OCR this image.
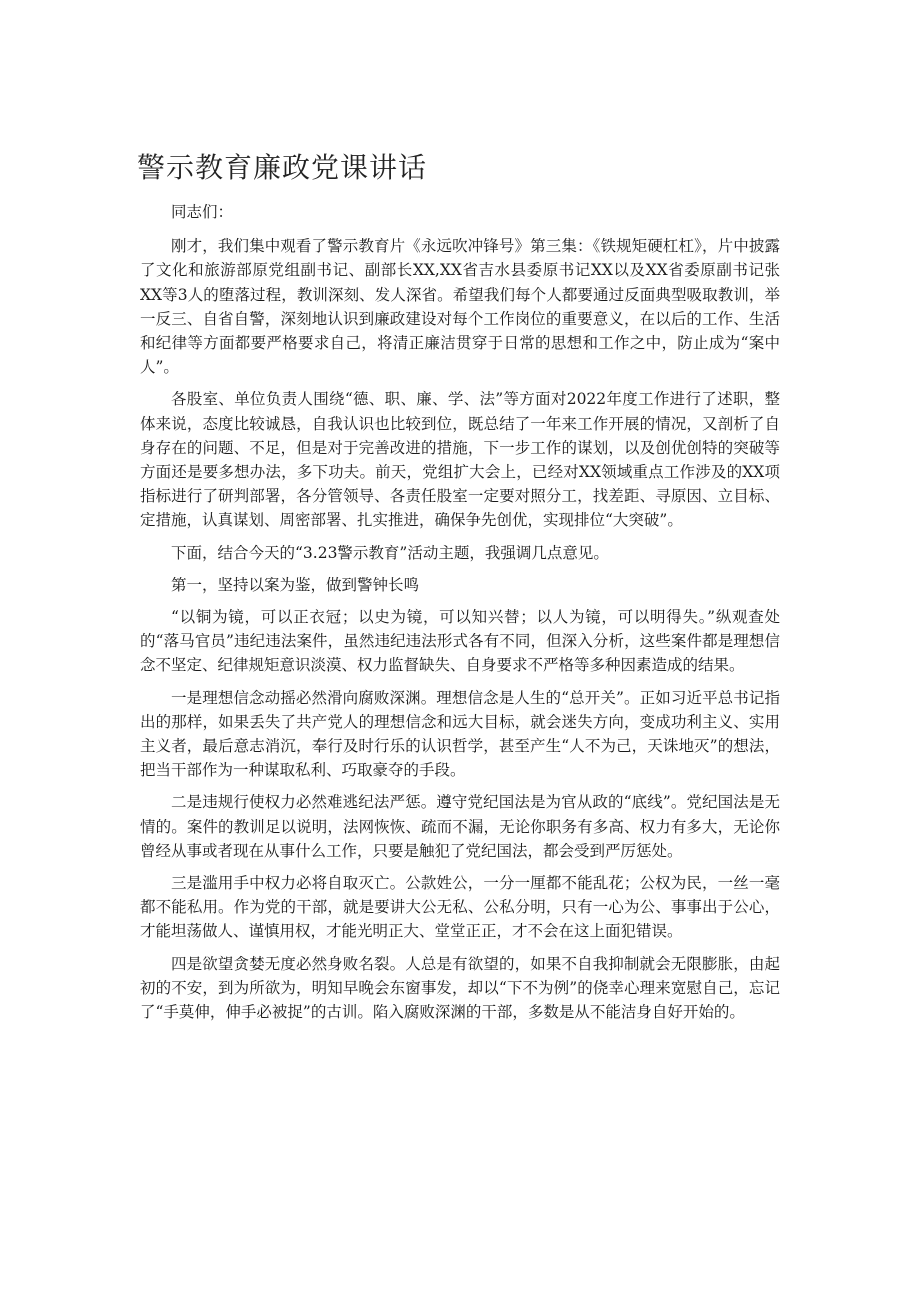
警示教育廉政党课讲话

同志们：

刚才，我们集中观看了警示教育片《永远吹冲锋号》第三集：《铁规矩硬杠杠》，片中披露了文化和旅游部原党组副书记、副部长XX,XX省吉水县委原书记XX以及XX省委原副书记张XX等3人的堕落过程，教训深刻、发人深省。希望我们每个人都要通过反面典型吸取教训，举一反三、自省自警，深刻地认识到廉政建设对每个工作岗位的重要意义，在以后的工作、生活和纪律等方面都要严格要求自己，将清正廉洁贯穿于日常的思想和工作之中，防止成为“案中人”。

各股室、单位负责人围绕“德、职、廉、学、法”等方面对2022年度工作进行了述职，整体来说，态度比较诚恳，自我认识也比较到位，既总结了一年来工作开展的情况，又剖析了自身存在的问题、不足，但是对于完善改进的措施，下一步工作的谋划，以及创优创特的突破等方面还是要多想办法，多下功夫。前天，党组扩大会上，已经对XX领域重点工作涉及的XX项指标进行了研判部署，各分管领导、各责任股室一定要对照分工，找差距、寻原因、立目标、定措施，认真谋划、周密部署、扎实推进，确保争先创优，实现排位“大突破”。

下面，结合今天的“3.23警示教育”活动主题，我强调几点意见。

第一，坚持以案为鉴，做到警钟长鸣

“以铜为镜，可以正衣冠；以史为镜，可以知兴替；以人为镜，可以明得失。”纵观查处的“落马官员”违纪违法案件，虽然违纪违法形式各有不同，但深入分析，这些案件都是理想信念不坚定、纪律规矩意识淡漠、权力监督缺失、自身要求不严格等多种因素造成的结果。

一是理想信念动摇必然滑向腐败深渊。理想信念是人生的“总开关”。正如习近平总书记指出的那样，如果丢失了共产党人的理想信念和远大目标，就会迷失方向，变成功利主义、实用主义者，最后意志消沉，奉行及时行乐的认识哲学，甚至产生“人不为己，天诛地灭”的想法，把当干部作为一种谋取私利、巧取豪夺的手段。

二是违规行使权力必然难逃纪法严惩。遵守党纪国法是为官从政的“底线”。党纪国法是无情的。案件的教训足以说明，法网恢恢、疏而不漏，无论你职务有多高、权力有多大，无论你曾经从事或者现在从事什么工作，只要是触犯了党纪国法，都会受到严厉惩处。

三是滥用手中权力必将自取灭亡。公款姓公，一分一厘都不能乱花；公权为民，一丝一毫都不能私用。作为党的干部，就是要讲大公无私、公私分明，只有一心为公、事事出于公心，才能坦荡做人、谨慎用权，才能光明正大、堂堂正正，才不会在这上面犯错误。

四是欲望贪婪无度必然身败名裂。人总是有欲望的，如果不自我抑制就会无限膨胀，由起初的不安，到为所欲为，明知早晚会东窗事发，却以“下不为例”的侥幸心理来宽慰自己，忘记了“手莫伸，伸手必被捉”的古训。陷入腐败深渊的干部，多数是从不能洁身自好开始的。
